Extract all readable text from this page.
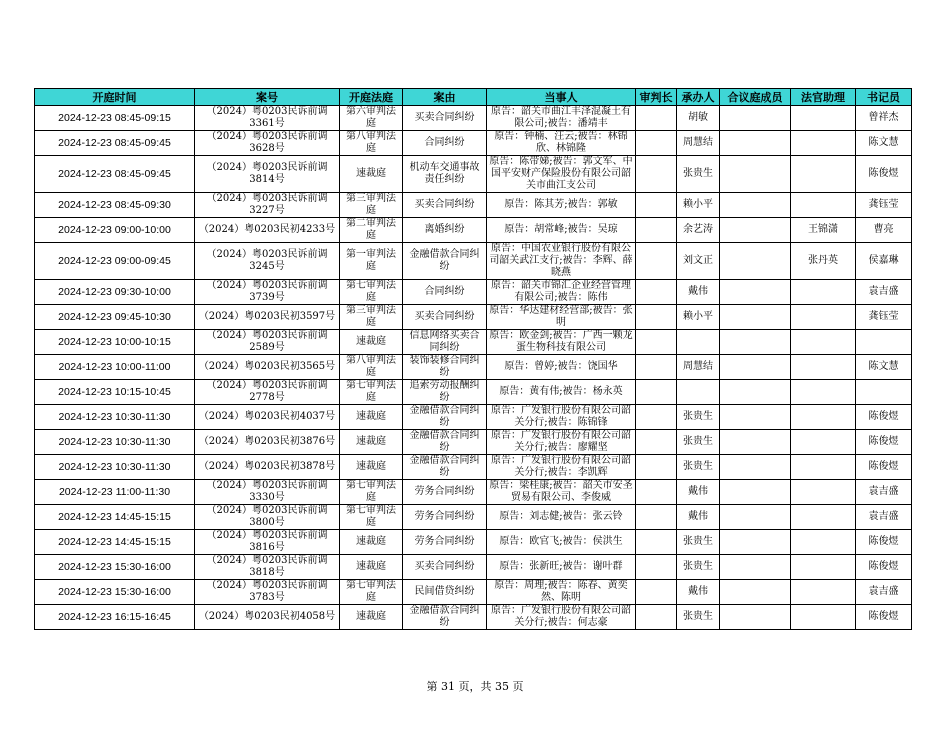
开庭时间	案号	开庭法庭	案由	当事人	审判长	承办人	合议庭成员	法官助理	书记员
2024-12-23 08:45-09:15	（2024）粤0203民诉前调3361号	第六审判法庭	买卖合同纠纷	原告：韶关市曲江丰泽混凝土有限公司;被告：潘靖丰		胡敏			曾祥杰
2024-12-23 08:45-09:45	（2024）粤0203民诉前调3628号	第八审判法庭	合同纠纷	原告：钟楠、汪云;被告：林锦欣、林锦隆		周慧结			陈文慧
2024-12-23 08:45-09:45	（2024）粤0203民诉前调3814号	速裁庭	机动车交通事故责任纠纷	原告：陈带娣;被告：郭文军、中国平安财产保险股份有限公司韶关市曲江支公司		张贵生			陈俊煜
2024-12-23 08:45-09:30	（2024）粤0203民诉前调3227号	第三审判法庭	买卖合同纠纷	原告：陈其芳;被告：郭敏		赖小平			龚钰莹
2024-12-23 09:00-10:00	（2024）粤0203民初4233号	第二审判法庭	离婚纠纷	原告：胡常峰;被告：吴琼		余艺涛		王锦潇	曹亮
2024-12-23 09:00-09:45	（2024）粤0203民诉前调3245号	第一审判法庭	金融借款合同纠纷	原告：中国农业银行股份有限公司韶关武江支行;被告：李辉、薛晓燕		刘文正		张丹英	侯嘉琳
2024-12-23 09:30-10:00	（2024）粤0203民诉前调3739号	第七审判法庭	合同纠纷	原告：韶关市锦汇企业经营管理有限公司;被告：陈伟		戴伟			袁吉盛
2024-12-23 09:45-10:30	（2024）粤0203民初3597号	第三审判法庭	买卖合同纠纷	原告：华达建材经营部;被告：张明		赖小平			龚钰莹
2024-12-23 10:00-10:15	（2024）粤0203民诉前调2589号	速裁庭	信息网络买卖合同纠纷	原告：欧金剑;被告：广西一颗龙蛋生物科技有限公司					
2024-12-23 10:00-11:00	（2024）粤0203民初3565号	第八审判法庭	装饰装修合同纠纷	原告：曾婷;被告：饶国华		周慧结			陈文慧
2024-12-23 10:15-10:45	（2024）粤0203民诉前调2778号	第七审判法庭	追索劳动报酬纠纷	原告：黄有伟;被告：杨永英					
2024-12-23 10:30-11:30	（2024）粤0203民初4037号	速裁庭	金融借款合同纠纷	原告：广发银行股份有限公司韶关分行;被告：陈锦锋		张贵生			陈俊煜
2024-12-23 10:30-11:30	（2024）粤0203民初3876号	速裁庭	金融借款合同纠纷	原告：广发银行股份有限公司韶关分行;被告：廖耀坚		张贵生			陈俊煜
2024-12-23 10:30-11:30	（2024）粤0203民初3878号	速裁庭	金融借款合同纠纷	原告：广发银行股份有限公司韶关分行;被告：李凯辉		张贵生			陈俊煜
2024-12-23 11:00-11:30	（2024）粤0203民诉前调3330号	第七审判法庭	劳务合同纠纷	原告：梁桂康;被告：韶关市安圣贸易有限公司、李俊威		戴伟			袁吉盛
2024-12-23 14:45-15:15	（2024）粤0203民诉前调3800号	第七审判法庭	劳务合同纠纷	原告：刘志健;被告：张云铃		戴伟			袁吉盛
2024-12-23 14:45-15:15	（2024）粤0203民诉前调3816号	速裁庭	劳务合同纠纷	原告：欧官飞;被告：侯洪生		张贵生			陈俊煜
2024-12-23 15:30-16:00	（2024）粤0203民诉前调3818号	速裁庭	买卖合同纠纷	原告：张新旺;被告：谢叶群		张贵生			陈俊煜
2024-12-23 15:30-16:00	（2024）粤0203民诉前调3783号	第七审判法庭	民间借贷纠纷	原告：周理;被告：陈春、黄奕然、陈明		戴伟			袁吉盛
2024-12-23 16:15-16:45	（2024）粤0203民初4058号	速裁庭	金融借款合同纠纷	原告：广发银行股份有限公司韶关分行;被告：何志豪		张贵生			陈俊煜
第 31 页，共 35 页
